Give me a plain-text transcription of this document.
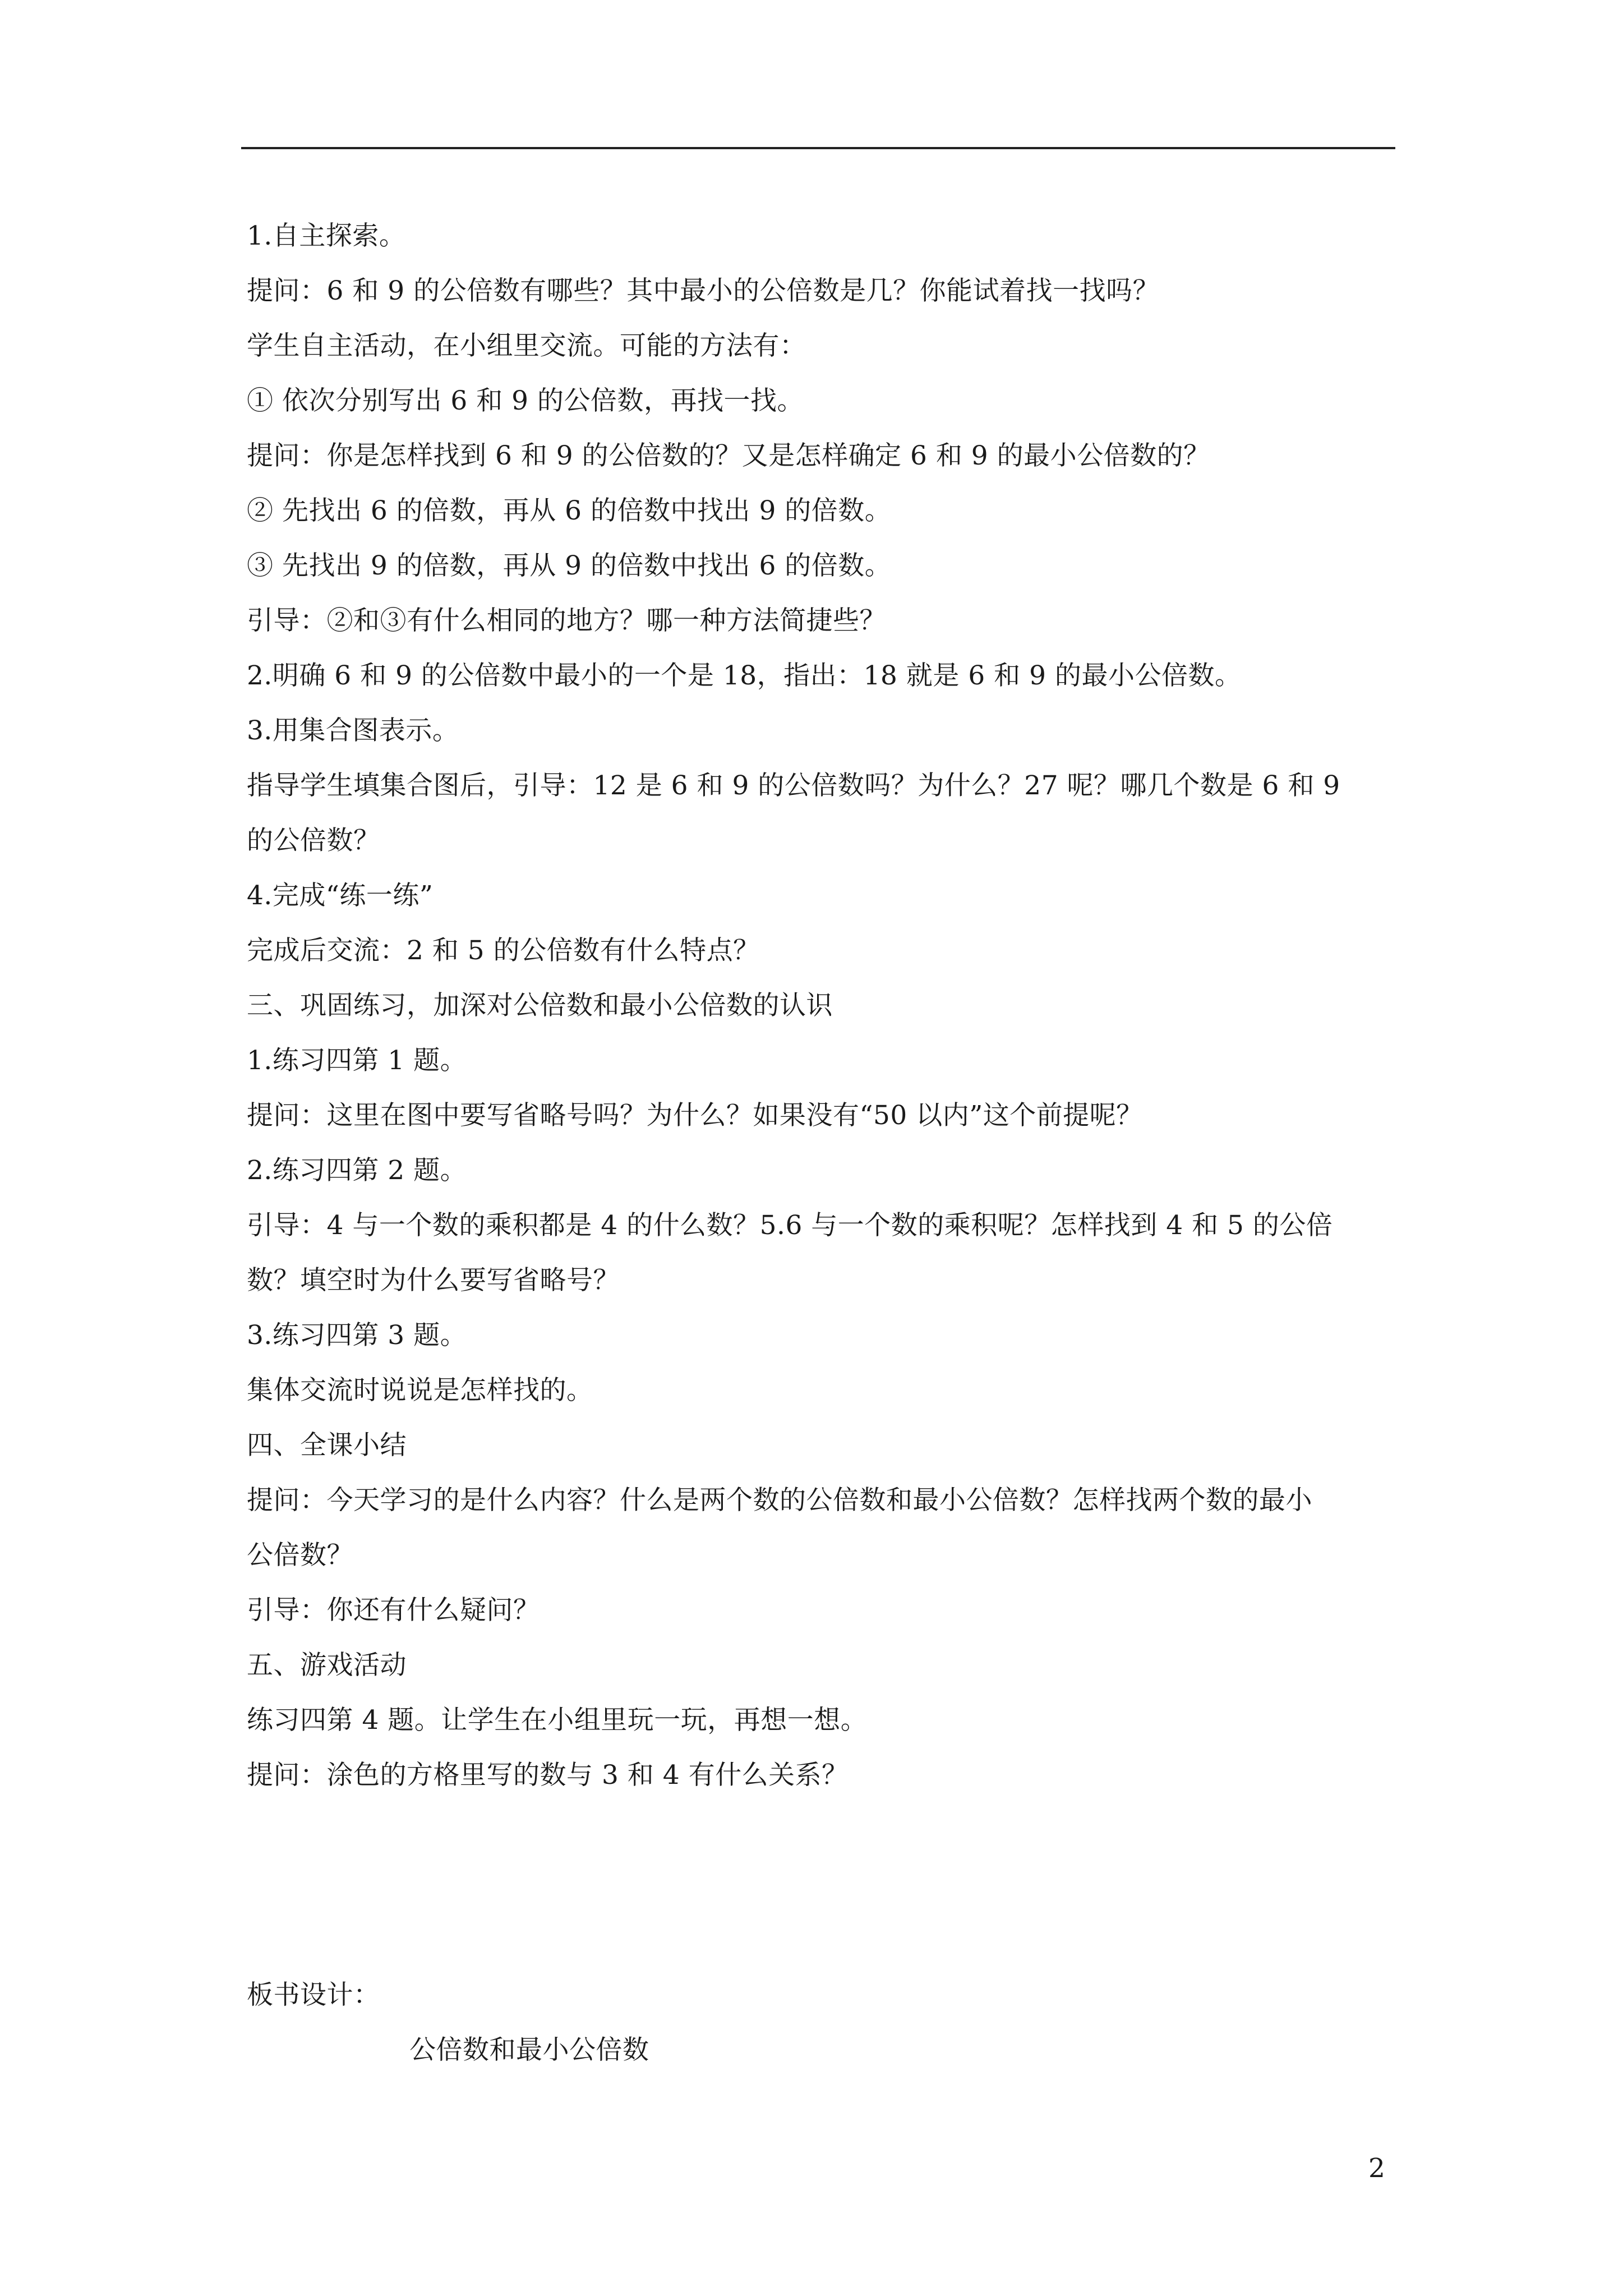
1.自主探索。
提问：6 和 9 的公倍数有哪些？其中最小的公倍数是几？你能试着找一找吗？
学生自主活动，在小组里交流。可能的方法有：
① 依次分别写出 6 和 9 的公倍数，再找一找。
提问：你是怎样找到 6 和 9 的公倍数的？又是怎样确定 6 和 9 的最小公倍数的？
② 先找出 6 的倍数，再从 6 的倍数中找出 9 的倍数。
③ 先找出 9 的倍数，再从 9 的倍数中找出 6 的倍数。
引导：②和③有什么相同的地方？哪一种方法简捷些？
2.明确 6 和 9 的公倍数中最小的一个是 18，指出：18 就是 6 和 9 的最小公倍数。
3.用集合图表示。
指导学生填集合图后，引导：12 是 6 和 9 的公倍数吗？为什么？27 呢？哪几个数是 6 和 9
的公倍数？
4.完成“练一练”
完成后交流：2 和 5 的公倍数有什么特点？
三、巩固练习，加深对公倍数和最小公倍数的认识
1.练习四第 1 题。
提问：这里在图中要写省略号吗？为什么？如果没有“50 以内”这个前提呢？
2.练习四第 2 题。
引导：4 与一个数的乘积都是 4 的什么数？5.6 与一个数的乘积呢？怎样找到 4 和 5 的公倍
数？填空时为什么要写省略号？
3.练习四第 3 题。
集体交流时说说是怎样找的。
四、全课小结
提问：今天学习的是什么内容？什么是两个数的公倍数和最小公倍数？怎样找两个数的最小
公倍数？
引导：你还有什么疑问？
五、游戏活动
练习四第 4 题。让学生在小组里玩一玩，再想一想。
提问：涂色的方格里写的数与 3 和 4 有什么关系？
板书设计：
公倍数和最小公倍数
2
